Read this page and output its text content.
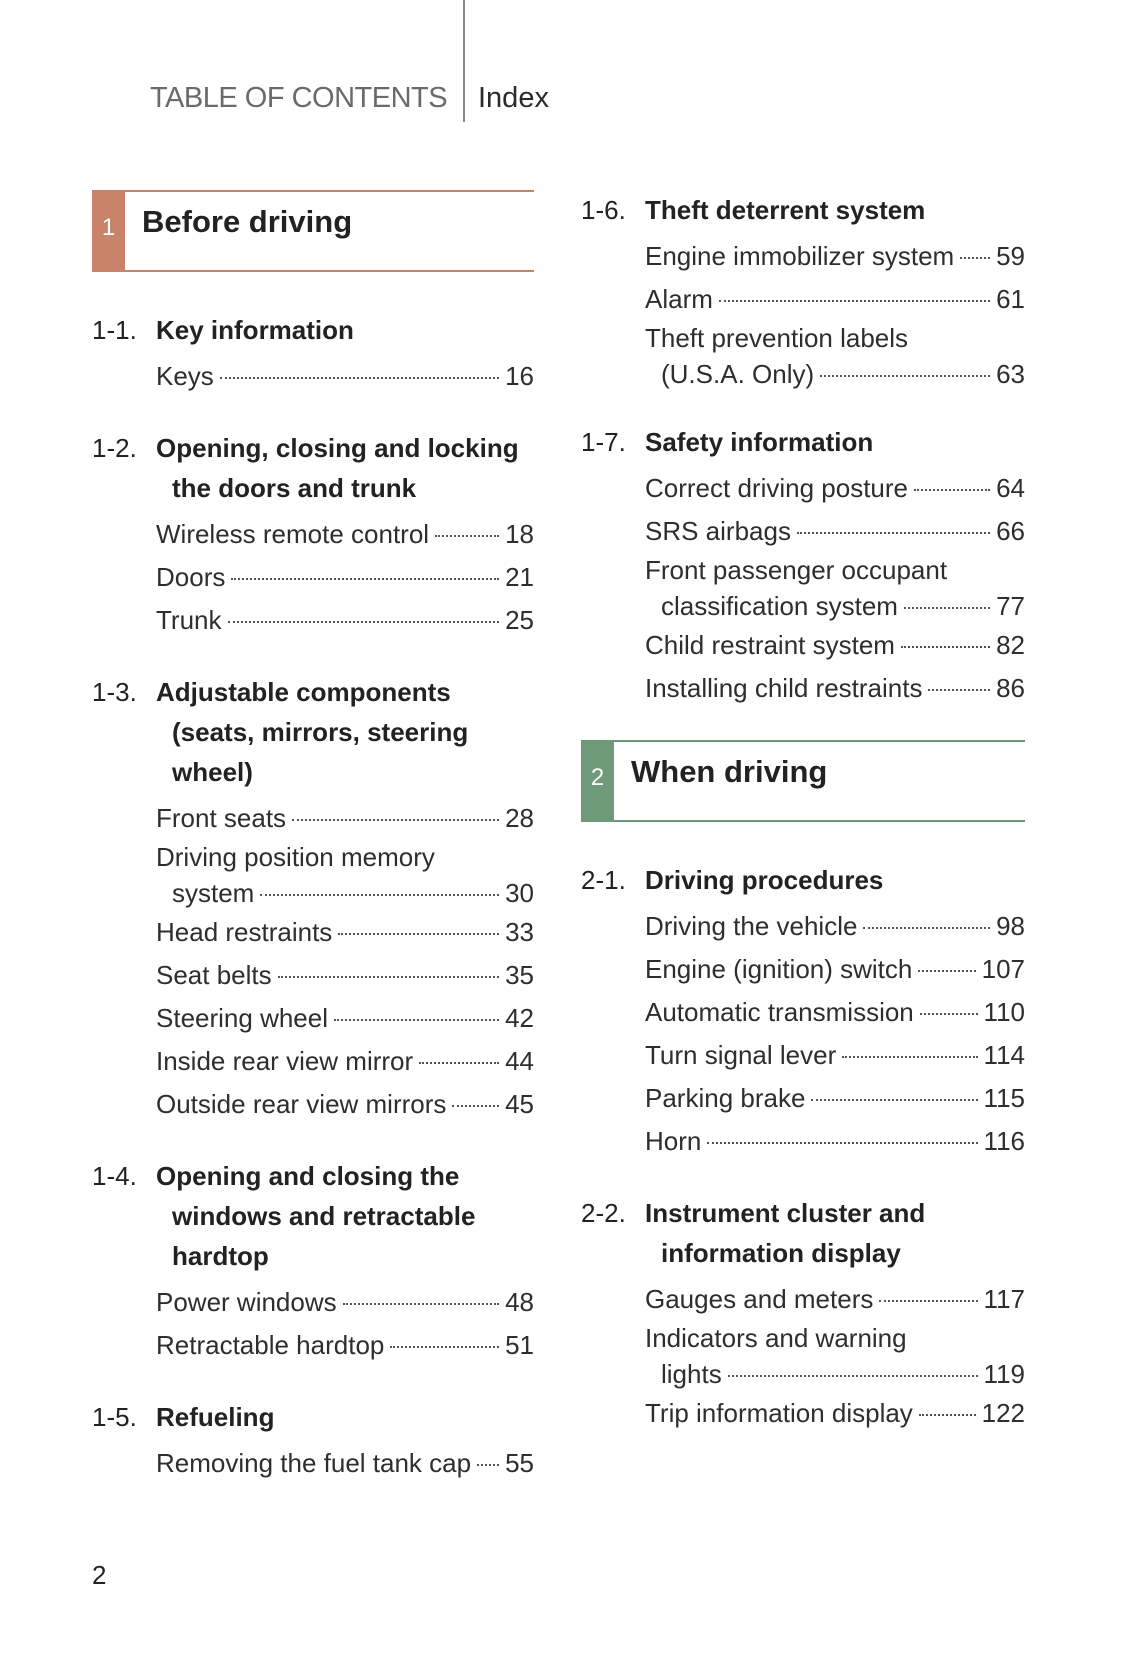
TABLE OF CONTENTS Index
1 Before driving
1-1. Key information
Keys	16
1-2. Opening, closing and locking
the doors and trunk
Wireless remote control	18
Doors	21
Trunk	25
1-3. Adjustable components
(seats, mirrors, steering wheel)
Front seats	28
Driving position memory
system	30
Head restraints	33
Seat belts	35
Steering wheel	42
Inside rear view mirror	44
Outside rear view mirrors 45
1-4. Opening and closing the
windows and retractable
hardtop
Power windows	48
Retractable hardtop	51
1-5. Refueling
Removing the fuel tank cap 55
1-6. Theft deterrent system
Engine immobilizer system 59
Alarm	61
Theft prevention labels
(U.S.A. Only)	63
1-7. Safety information
Correct driving posture	64
SRS airbags	66
Front passenger occupant
classification system	77
Child restraint system	82
Installing child restraints	86
2 When driving
2-1. Driving procedures
Driving the vehicle	98
Engine (ignition) switch	107
Automatic transmission	110
Turn signal lever	114
Parking brake	115
Horn	116
2-2. Instrument cluster and
information display
Gauges and meters	117
Indicators and warning
lights	119
Trip information display	122
2
